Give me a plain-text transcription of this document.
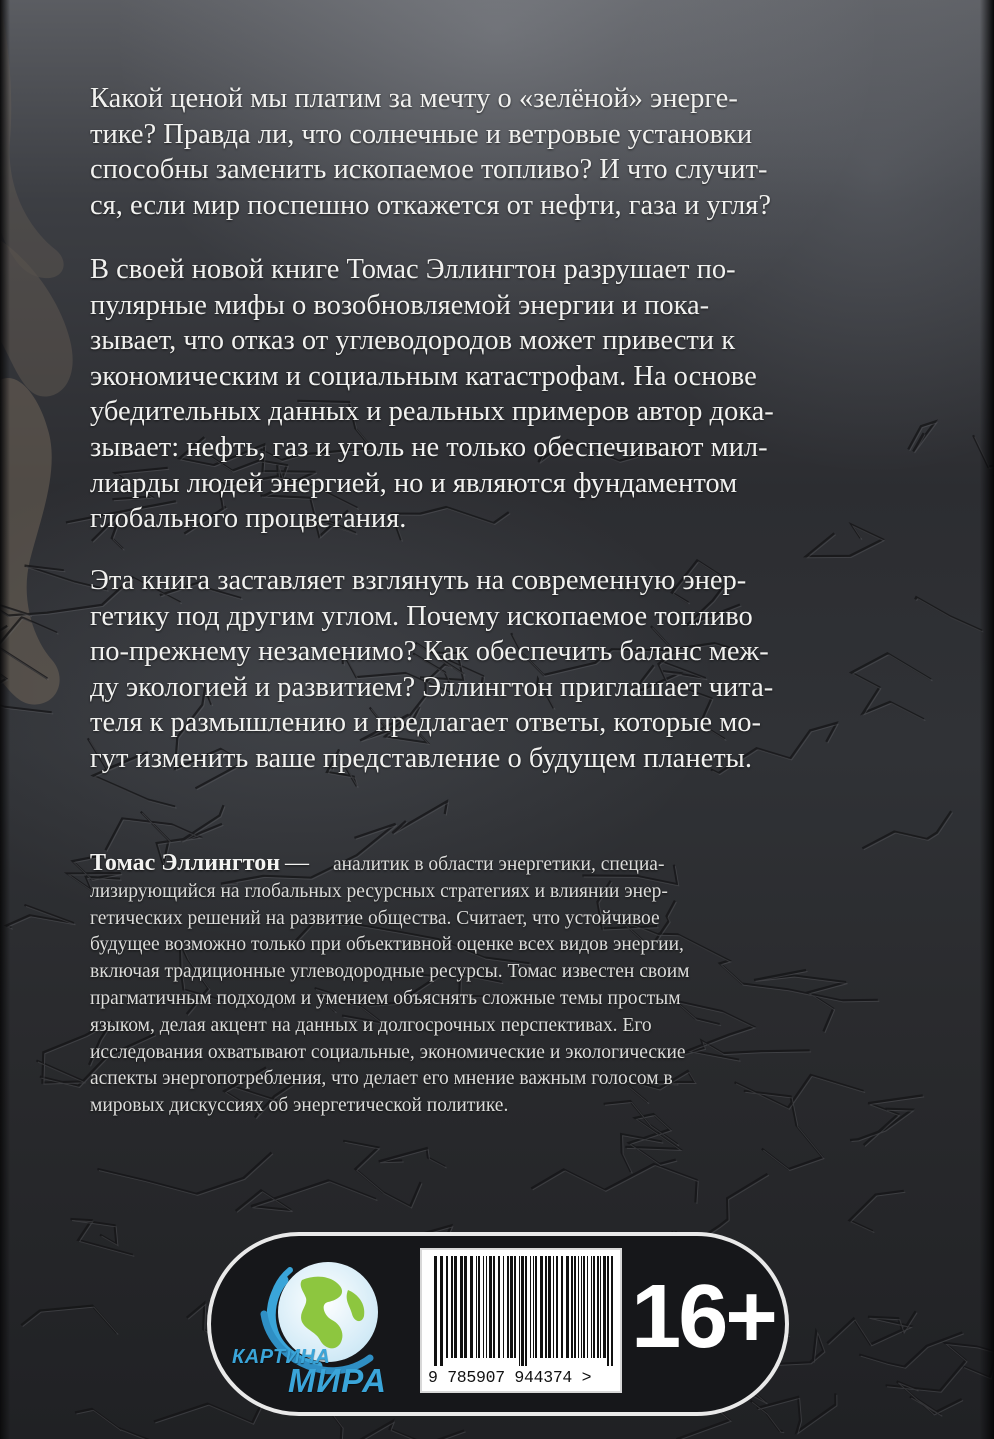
Какой ценой мы платим за мечту о «зелёной» энерге-
тике? Правда ли, что солнечные и ветровые установки
способны заменить ископаемое топливо? И что случит-
ся, если мир поспешно откажется от нефти, газа и угля?
В своей новой книге Томас Эллингтон разрушает по-
пулярные мифы о возобновляемой энергии и пока-
зывает, что отказ от углеводородов может привести к
экономическим и социальным катастрофам. На основе
убедительных данных и реальных примеров автор дока-
зывает: нефть, газ и уголь не только обеспечивают мил-
лиарды людей энергией, но и являются фундаментом
глобального процветания.
Эта книга заставляет взглянуть на современную энер-
гетику под другим углом. Почему ископаемое топливо
по-прежнему незаменимо? Как обеспечить баланс меж-
ду экологией и развитием? Эллингтон приглашает чита-
теля к размышлению и предлагает ответы, которые мо-
гут изменить ваше представление о будущем планеты.
Томас Эллингтон — аналитик в области энергетики, специа-
лизирующийся на глобальных ресурсных стратегиях и влиянии энер-
гетических решений на развитие общества. Считает, что устойчивое
будущее возможно только при объективной оценке всех видов энергии,
включая традиционные углеводородные ресурсы. Томас известен своим
прагматичным подходом и умением объяснять сложные темы простым
языком, делая акцент на данных и долгосрочных перспективах. Его
исследования охватывают социальные, экономические и экологические
аспекты энергопотребления, что делает его мнение важным голосом в
мировых дискуссиях об энергетической политике.
КАРТИНА
МИРА 9 785907 944374 >
16+
